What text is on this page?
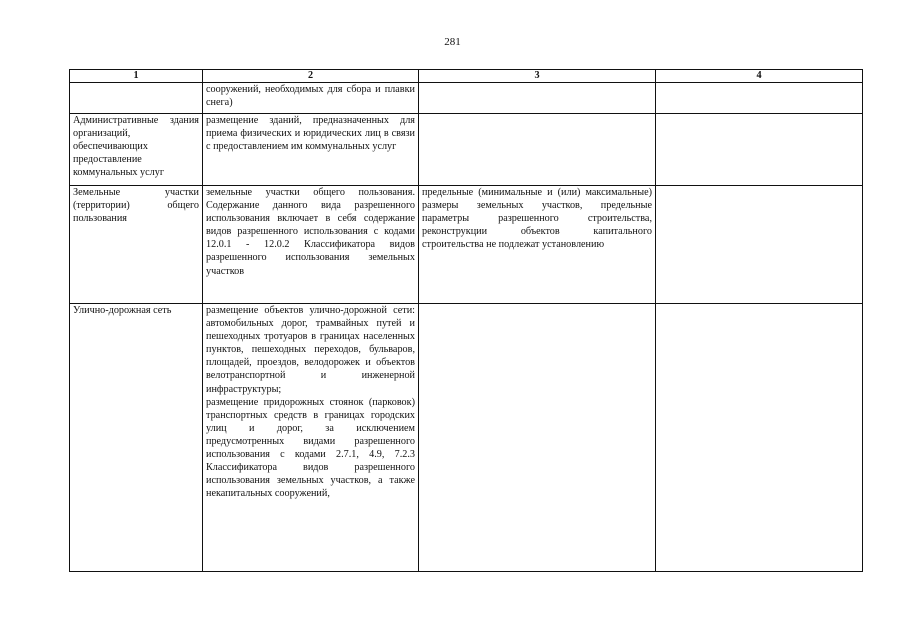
281
1	2	3	4
	сооружений, необходимых для сбора и плавки снега)		
Административные здания организаций, обеспечивающих предоставление коммунальных услуг	размещение зданий, предназначенных для приема физических и юридических лиц в связи с предоставлением им коммунальных услуг		
Земельные участки (территории) общего пользования	земельные участки общего пользования. Содержание данного вида разрешенного использования включает в себя содержание видов разрешенного использования с кодами 12.0.1 - 12.0.2 Классификатора видов разрешенного использования земельных участков	предельные (минимальные и (или) максимальные) размеры земельных участков, предельные параметры разрешенного строительства, реконструкции объектов капитального строительства не подлежат установлению	
Улично-дорожная сеть	размещение объектов улично-дорожной сети: автомобильных дорог, трамвайных путей и пешеходных тротуаров в границах населенных пунктов, пешеходных переходов, бульваров, площадей, проездов, велодорожек и объектов велотранспортной и инженерной инфраструктуры;
размещение придорожных стоянок (парковок) транспортных средств в границах городских улиц и дорог, за исключением предусмотренных видами разрешенного использования с кодами 2.7.1, 4.9, 7.2.3 Классификатора видов разрешенного использования земельных участков, а также некапитальных сооружений,		
